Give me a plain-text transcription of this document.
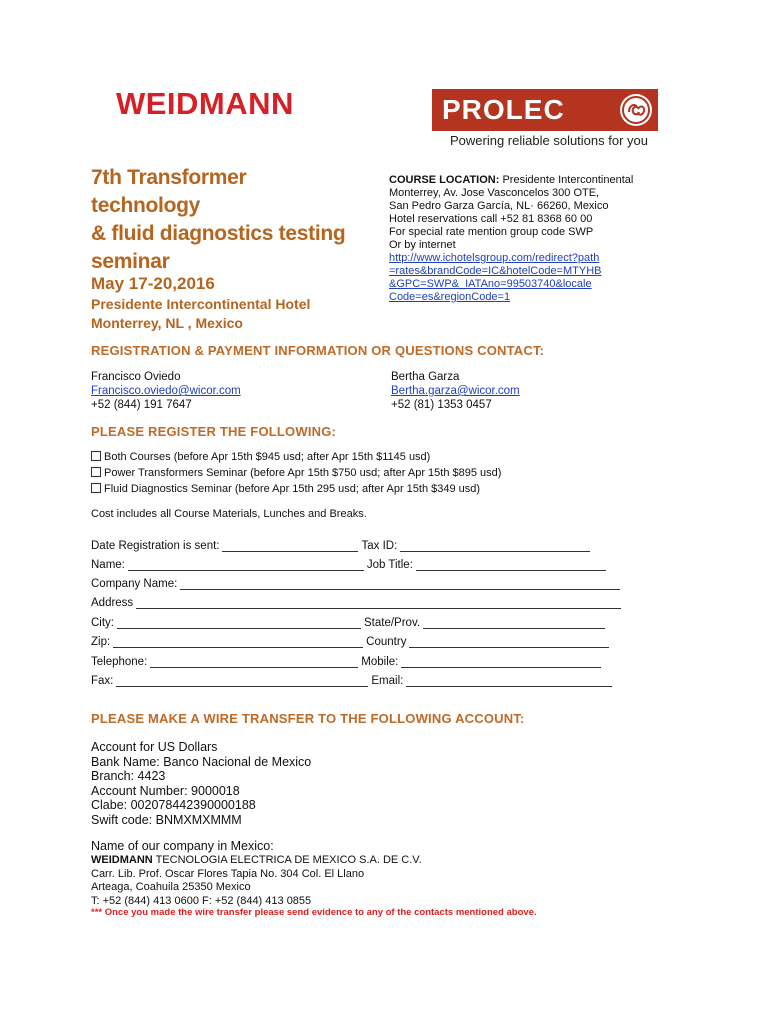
WEIDMANN	PROLEC
Powering reliable solutions for you
7th Transformer
technology
& fluid diagnostics testing
seminar
May 17-20,2016
Presidente Intercontinental Hotel
Monterrey, NL , Mexico
COURSE LOCATION: Presidente Intercontinental
Monterrey, Av. Jose Vasconcelos 300 OTE,
San Pedro Garza García, NL· 66260, Mexico
Hotel reservations call +52 81 8368 60 00
For special rate mention group code SWP
Or by internet
http://www.ichotelsgroup.com/redirect?path
=rates&brandCode=IC&hotelCode=MTYHB
&GPC=SWP&_IATAno=99503740&locale
Code=es&regionCode=1
REGISTRATION & PAYMENT INFORMATION OR QUESTIONS CONTACT:
Francisco Oviedo
Francisco.oviedo@wicor.com
+52 (844) 191 7647
Bertha Garza
Bertha.garza@wicor.com
+52 (81) 1353 0457
PLEASE REGISTER THE FOLLOWING:
Both Courses (before Apr 15th $945 usd; after Apr 15th $1145 usd)
Power Transformers Seminar (before Apr 15th $750 usd; after Apr 15th $895 usd)
Fluid Diagnostics Seminar (before Apr 15th 295 usd; after Apr 15th $349 usd)
Cost includes all Course Materials, Lunches and Breaks.
Date Registration is sent:	Tax ID:
Name:	Job Title:
Company Name:
Address
City:	State/Prov.
Zip:	Country
Telephone:	Mobile:
Fax:	Email:
PLEASE MAKE A WIRE TRANSFER TO THE FOLLOWING ACCOUNT:
Account for US Dollars
Bank Name: Banco Nacional de Mexico
Branch: 4423
Account Number: 9000018
Clabe: 002078442390000188
Swift code: BNMXMXMMM
Name of our company in Mexico:
WEIDMANN TECNOLOGIA ELECTRICA DE MEXICO S.A. DE C.V.
Carr. Lib. Prof. Oscar Flores Tapia No. 304 Col. El Llano
Arteaga, Coahuila 25350 Mexico
T: +52 (844) 413 0600 F: +52 (844) 413 0855
*** Once you made the wire transfer please send evidence to any of the contacts mentioned above.
